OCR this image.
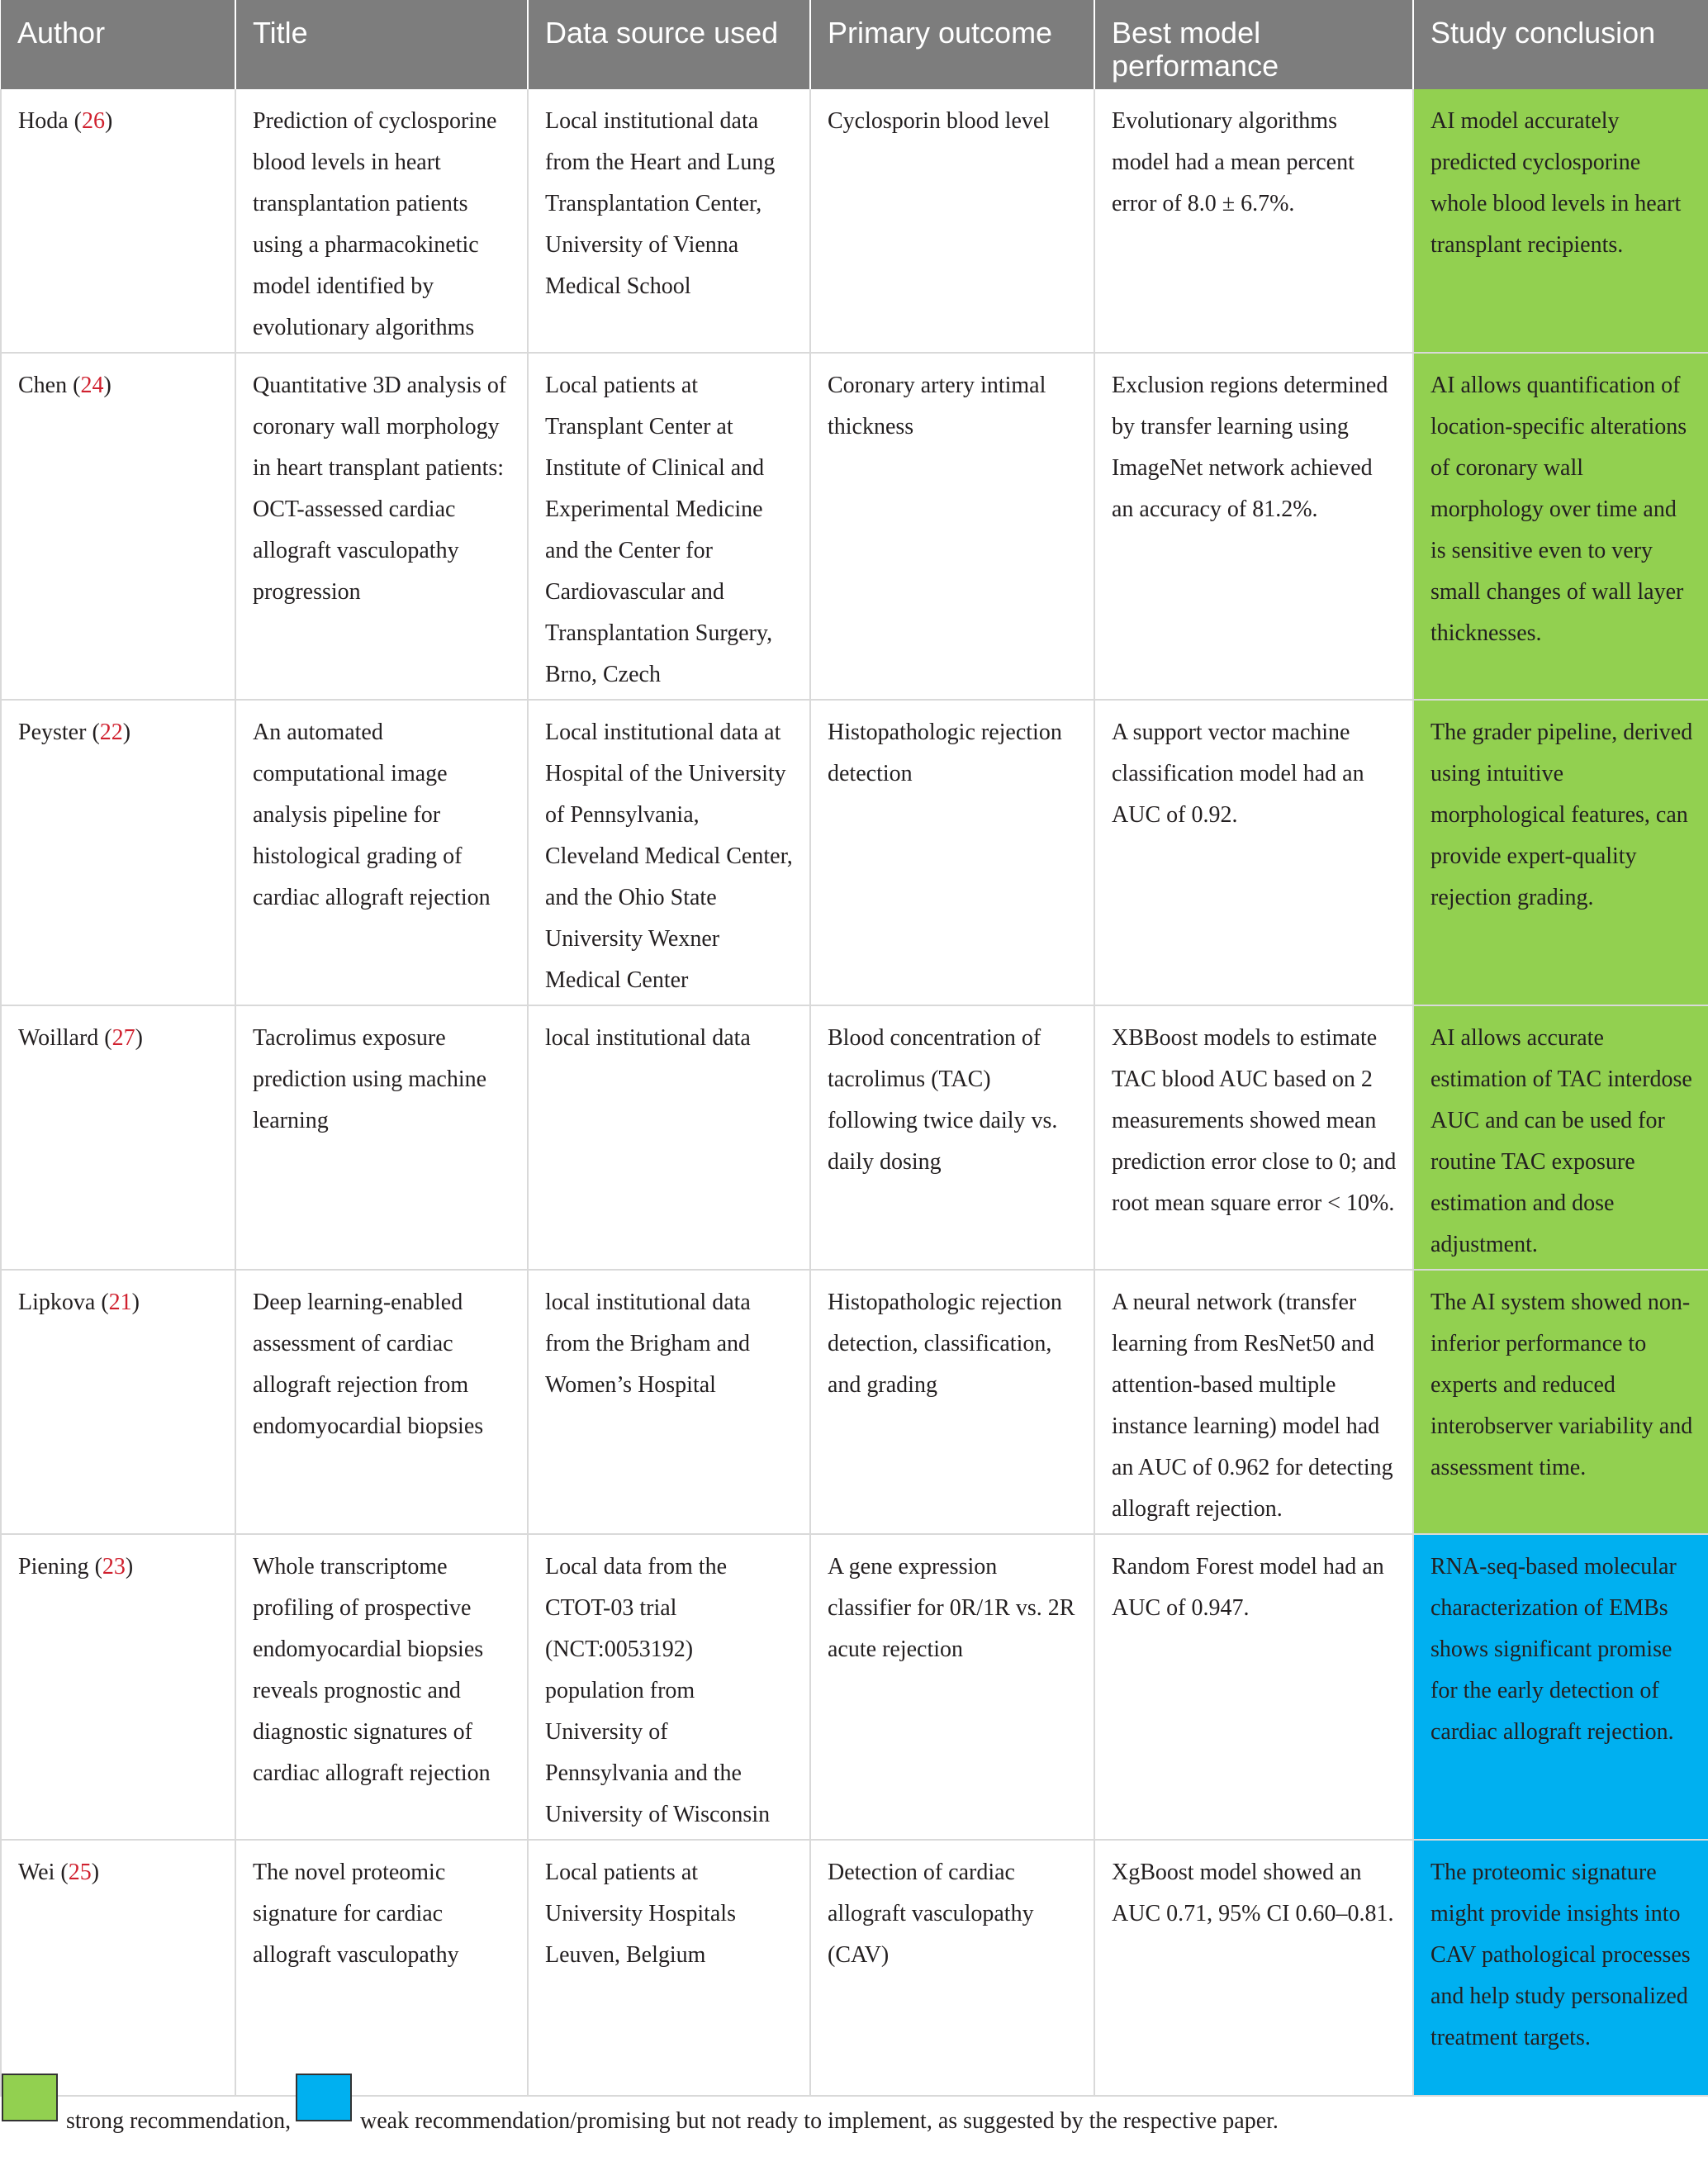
Author	Title	Data source used	Primary outcome	Best model performance	Study conclusion
Hoda (26)	Prediction of cyclosporine blood levels in heart transplantation patients using a pharmacokinetic model identified by evolutionary algorithms	Local institutional data from the Heart and Lung Transplantation Center, University of Vienna Medical School	Cyclosporin blood level	Evolutionary algorithms model had a mean percent error of 8.0 ± 6.7%.	AI model accurately predicted cyclosporine whole blood levels in heart transplant recipients.
Chen (24)	Quantitative 3D analysis of coronary wall morphology in heart transplant patients: OCT-assessed cardiac allograft vasculopathy progression	Local patients at Transplant Center at Institute of Clinical and Experimental Medicine and the Center for Cardiovascular and Transplantation Surgery, Brno, Czech	Coronary artery intimal thickness	Exclusion regions determined by transfer learning using ImageNet network achieved an accuracy of 81.2%.	AI allows quantification of location-specific alterations of coronary wall morphology over time and is sensitive even to very small changes of wall layer thicknesses.
Peyster (22)	An automated computational image analysis pipeline for histological grading of cardiac allograft rejection	Local institutional data at Hospital of the University of Pennsylvania, Cleveland Medical Center, and the Ohio State University Wexner Medical Center	Histopathologic rejection detection	A support vector machine classification model had an AUC of 0.92.	The grader pipeline, derived using intuitive morphological features, can provide expert-quality rejection grading.
Woillard (27)	Tacrolimus exposure prediction using machine learning	local institutional data	Blood concentration of tacrolimus (TAC) following twice daily vs. daily dosing	XBBoost models to estimate TAC blood AUC based on 2 measurements showed mean prediction error close to 0; and root mean square error < 10%.	AI allows accurate estimation of TAC interdose AUC and can be used for routine TAC exposure estimation and dose adjustment.
Lipkova (21)	Deep learning-enabled assessment of cardiac allograft rejection from endomyocardial biopsies	local institutional data from the Brigham and Women’s Hospital	Histopathologic rejection detection, classification, and grading	A neural network (transfer learning from ResNet50 and attention-based multiple instance learning) model had an AUC of 0.962 for detecting allograft rejection.	The AI system showed non-inferior performance to experts and reduced interobserver variability and assessment time.
Piening (23)	Whole transcriptome profiling of prospective endomyocardial biopsies reveals prognostic and diagnostic signatures of cardiac allograft rejection	Local data from the CTOT-03 trial (NCT:0053192) population from University of Pennsylvania and the University of Wisconsin	A gene expression classifier for 0R/1R vs. 2R acute rejection	Random Forest model had an AUC of 0.947.	RNA-seq-based molecular characterization of EMBs shows significant promise for the early detection of cardiac allograft rejection.
Wei (25)	The novel proteomic signature for cardiac allograft vasculopathy	Local patients at University Hospitals Leuven, Belgium	Detection of cardiac allograft vasculopathy (CAV)	XgBoost model showed an AUC 0.71, 95% CI 0.60–0.81.	The proteomic signature might provide insights into CAV pathological processes and help study personalized treatment targets.
strong recommendation,	weak recommendation/promising but not ready to implement, as suggested by the respective paper.
